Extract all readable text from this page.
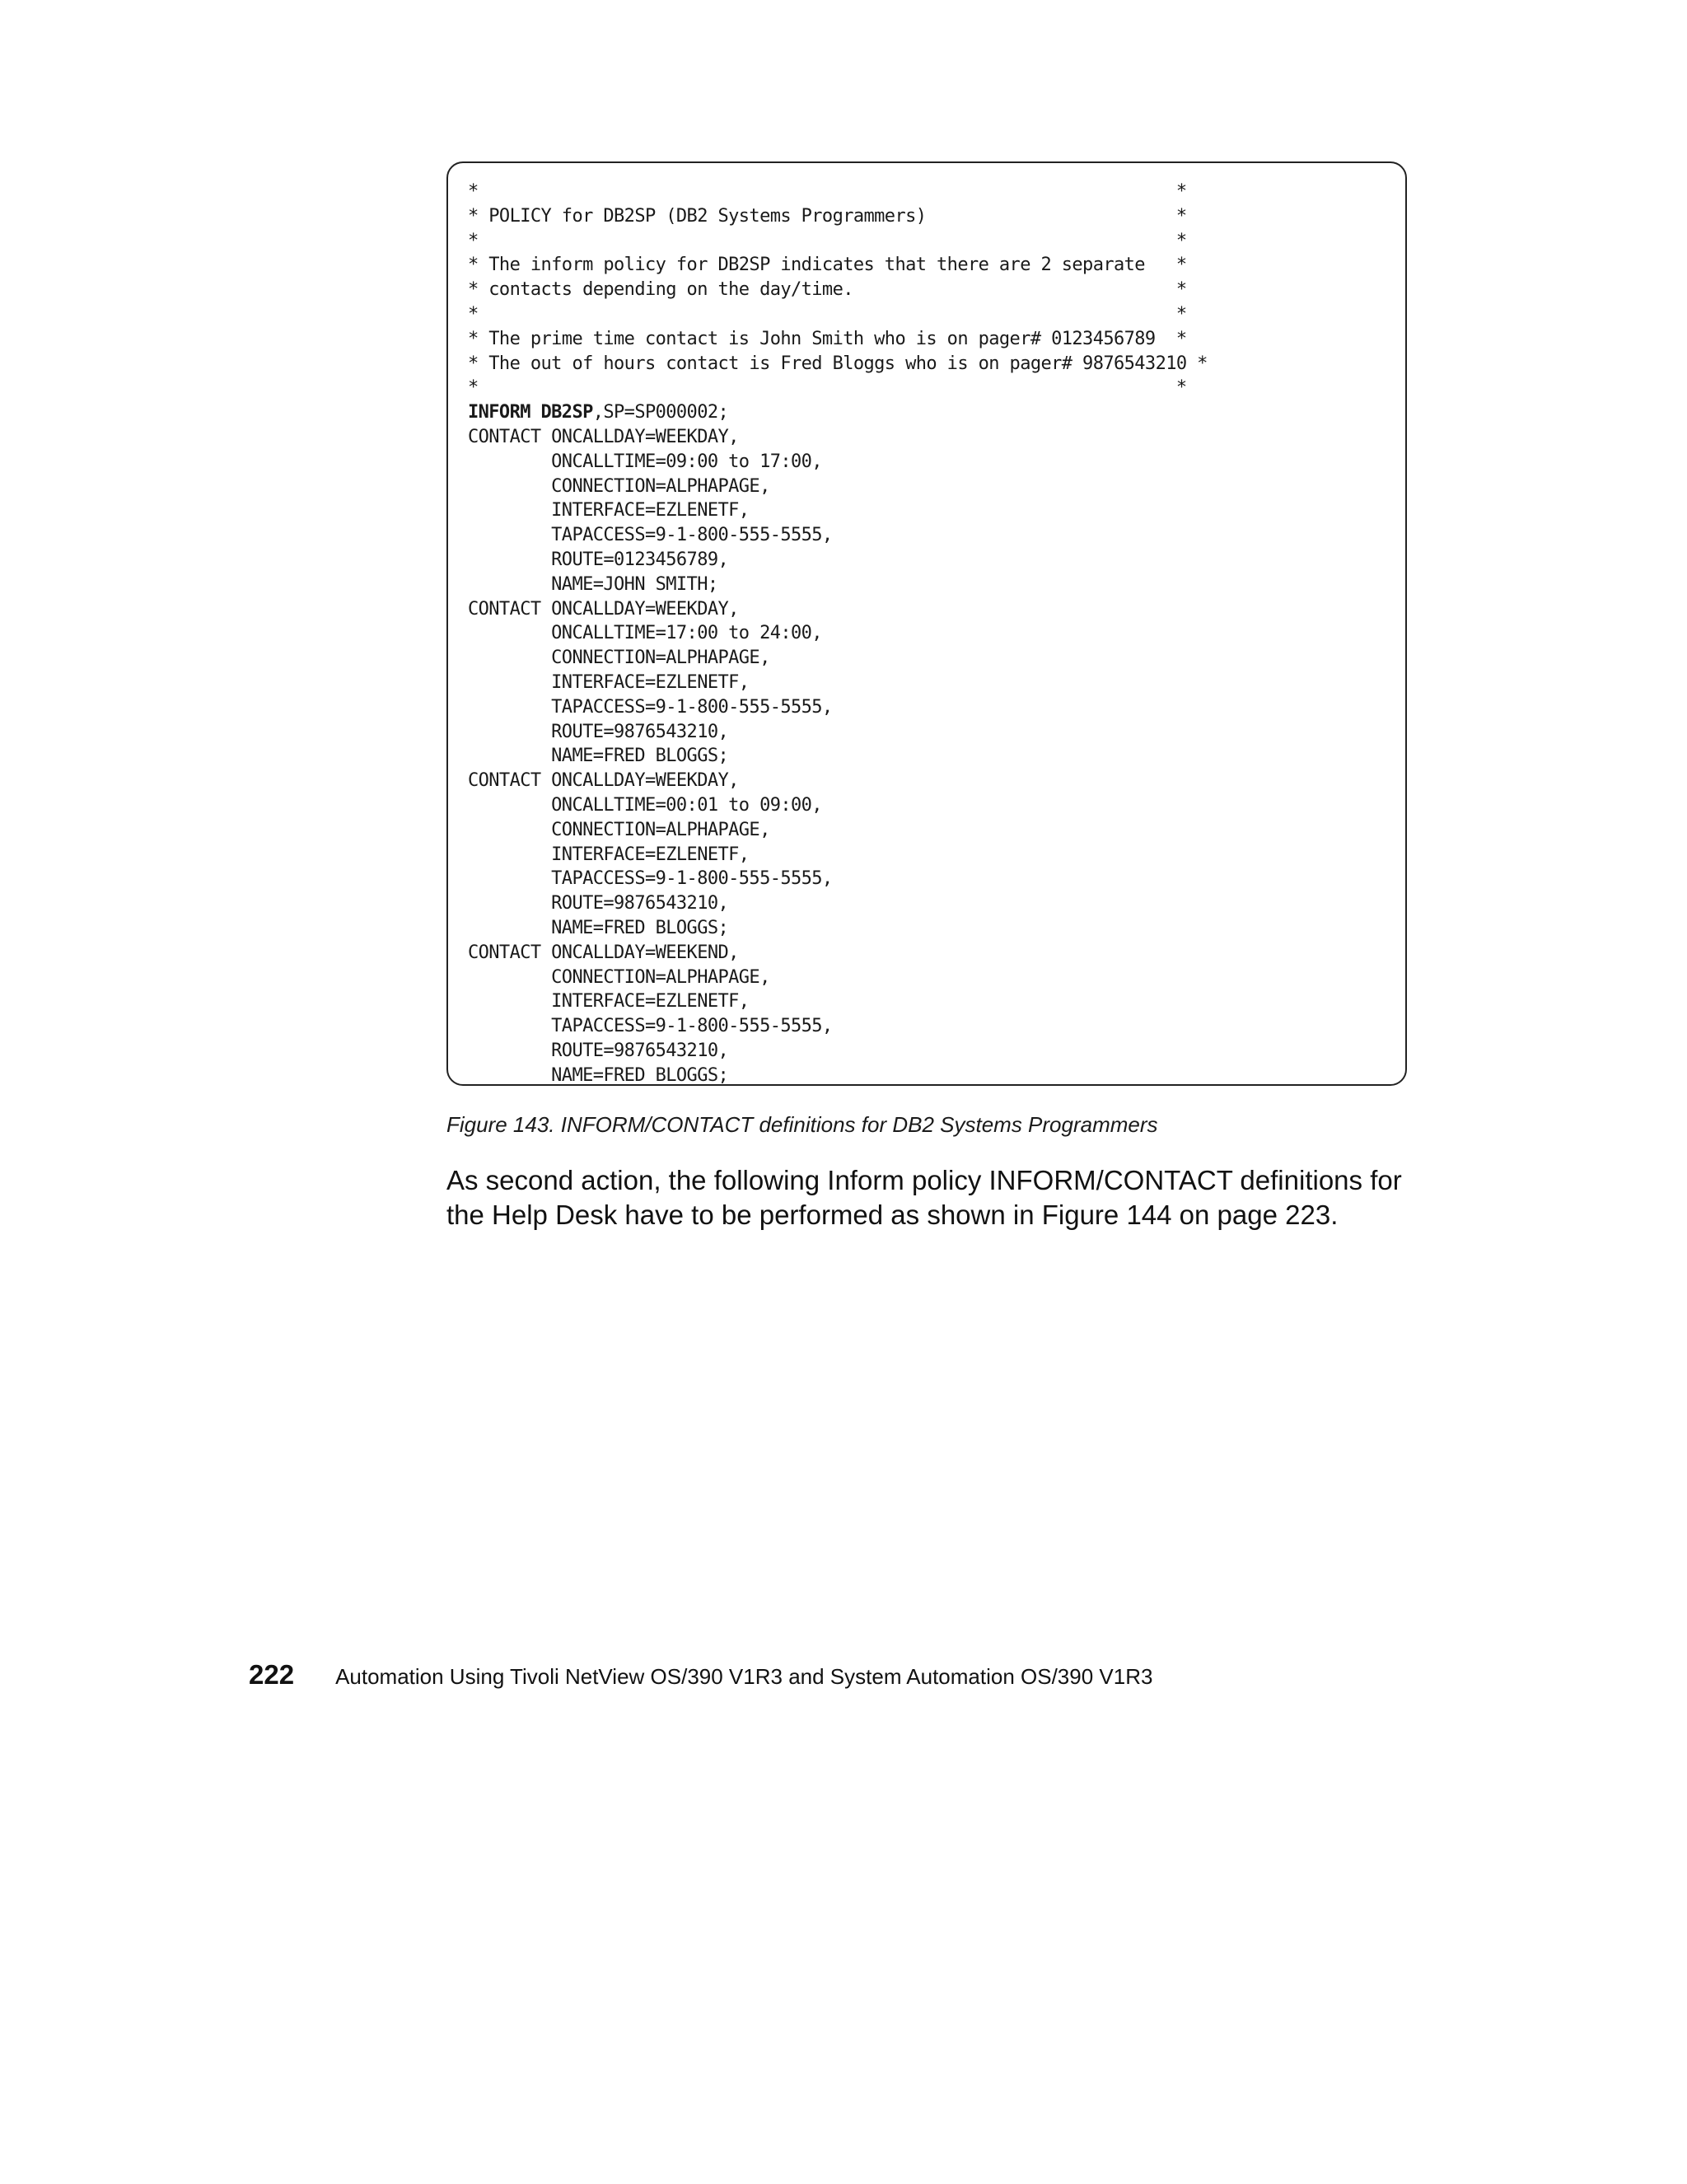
*                                                                   *
* POLICY for DB2SP (DB2 Systems Programmers)                        *
*                                                                   *
* The inform policy for DB2SP indicates that there are 2 separate   *
* contacts depending on the day/time.                               *
*                                                                   *
* The prime time contact is John Smith who is on pager# 0123456789  *
* The out of hours contact is Fred Bloggs who is on pager# 9876543210 *
*                                                                   *
INFORM DB2SP,SP=SP000002;
CONTACT ONCALLDAY=WEEKDAY,
ONCALLTIME=09:00 to 17:00,
CONNECTION=ALPHAPAGE,
INTERFACE=EZLENETF,
TAPACCESS=9-1-800-555-5555,
ROUTE=0123456789,
NAME=JOHN SMITH;
CONTACT ONCALLDAY=WEEKDAY,
ONCALLTIME=17:00 to 24:00,
CONNECTION=ALPHAPAGE,
INTERFACE=EZLENETF,
TAPACCESS=9-1-800-555-5555,
ROUTE=9876543210,
NAME=FRED BLOGGS;
CONTACT ONCALLDAY=WEEKDAY,
ONCALLTIME=00:01 to 09:00,
CONNECTION=ALPHAPAGE,
INTERFACE=EZLENETF,
TAPACCESS=9-1-800-555-5555,
ROUTE=9876543210,
NAME=FRED BLOGGS;
CONTACT ONCALLDAY=WEEKEND,
CONNECTION=ALPHAPAGE,
INTERFACE=EZLENETF,
TAPACCESS=9-1-800-555-5555,
ROUTE=9876543210,
NAME=FRED BLOGGS;
Figure 143. INFORM/CONTACT definitions for DB2 Systems Programmers

As second action, the following Inform policy INFORM/CONTACT definitions for the Help Desk have to be performed as shown in Figure 144 on page 223.

222 Automation Using Tivoli NetView OS/390 V1R3 and System Automation OS/390 V1R3
